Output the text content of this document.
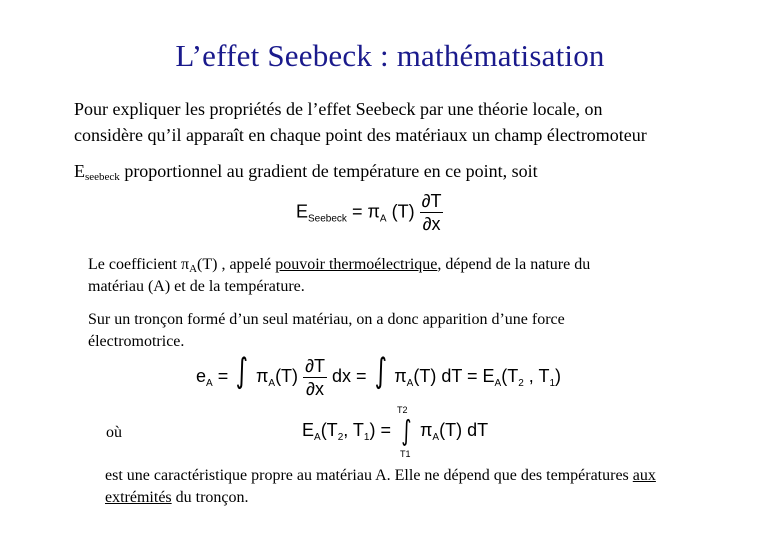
L’effet Seebeck : mathématisation
Pour expliquer les propriétés de l’effet Seebeck par une théorie locale, on
considère qu’il apparaît en chaque point des matériaux un champ électromoteur
$E_{seebeck}$ proportionnel au gradient de température en ce point, soit
$E_{Seebeck} = \pi_A$ $(T) \frac{\partial T}{\partial x}$
Le coefficient $\pi_A(T)$ , appelé pouvoir thermoélectrique, dépend de la nature du
matériau (A) et de la température.
Sur un tronçon formé d’un seul matériau, on a donc apparition d’une force
électromotrice.
$e_A$ = ∫ $\pi_A(T) \frac{\partial T}{\partial x}$ dx = ∫ $\pi_A(T)$ dT = $E_A(T_2$ , $T_1$)
où	$E_A(T_2$, $T_1$) =
T2
∫
T1
$\pi_A(T)$ dT
est une caractéristique propre au matériau A. Elle ne dépend que des températures aux
extrémités du tronçon.
